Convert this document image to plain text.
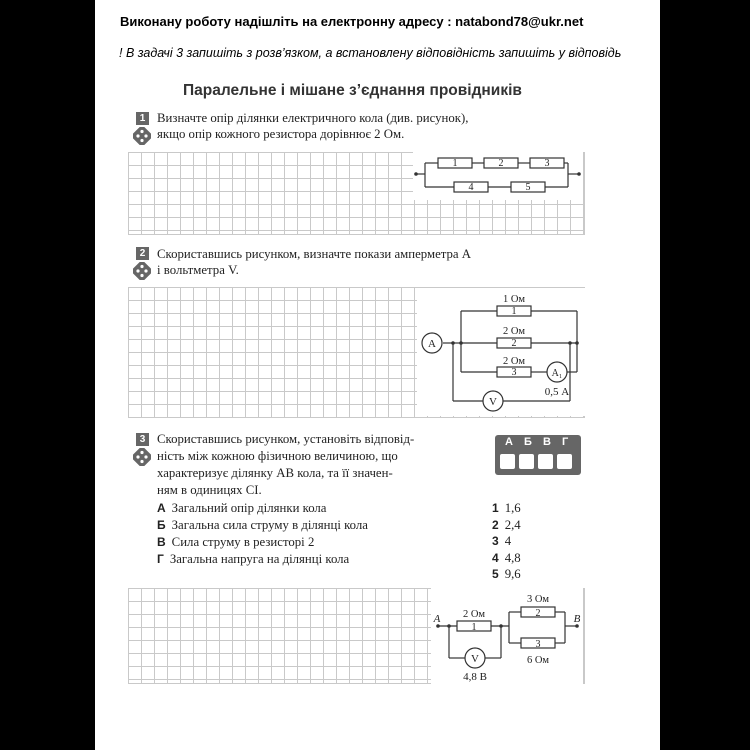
Виконану роботу надішліть на електронну адресу : natabond78@ukr.net
! В задачі 3 запишіть з розв’язком, а встановлену відповідність запишіть у відповідь
Паралельне і мішане з’єднання провідників
1 Визначте опір ділянки електричного кола (див. рисунок),
якщо опір кожного резистора дорівнює 2 Ом.
1	2	3
4	5
2 Скориставшись рисунком, визначте покази амперметра А
і вольтметра V.
A
A₁
V
1 Ом
1
2 Ом
2
2 Ом
3
0,5 А
3 Скориставшись рисунком, установіть відповід-
ність між кожною фізичною величиною, що
характеризує ділянку AB кола, та її значен-
ням в одиницях СІ.
А Б В Г
А Загальний опір ділянки кола
Б Загальна сила струму в ділянці кола
В Сила струму в резисторі 2
Г Загальна напруга на ділянці кола
1 1,6
2 2,4
3 4
4 4,8
5 9,6
A	B
2 Ом
1
3 Ом
2
3
6 Ом
V
4,8 В
